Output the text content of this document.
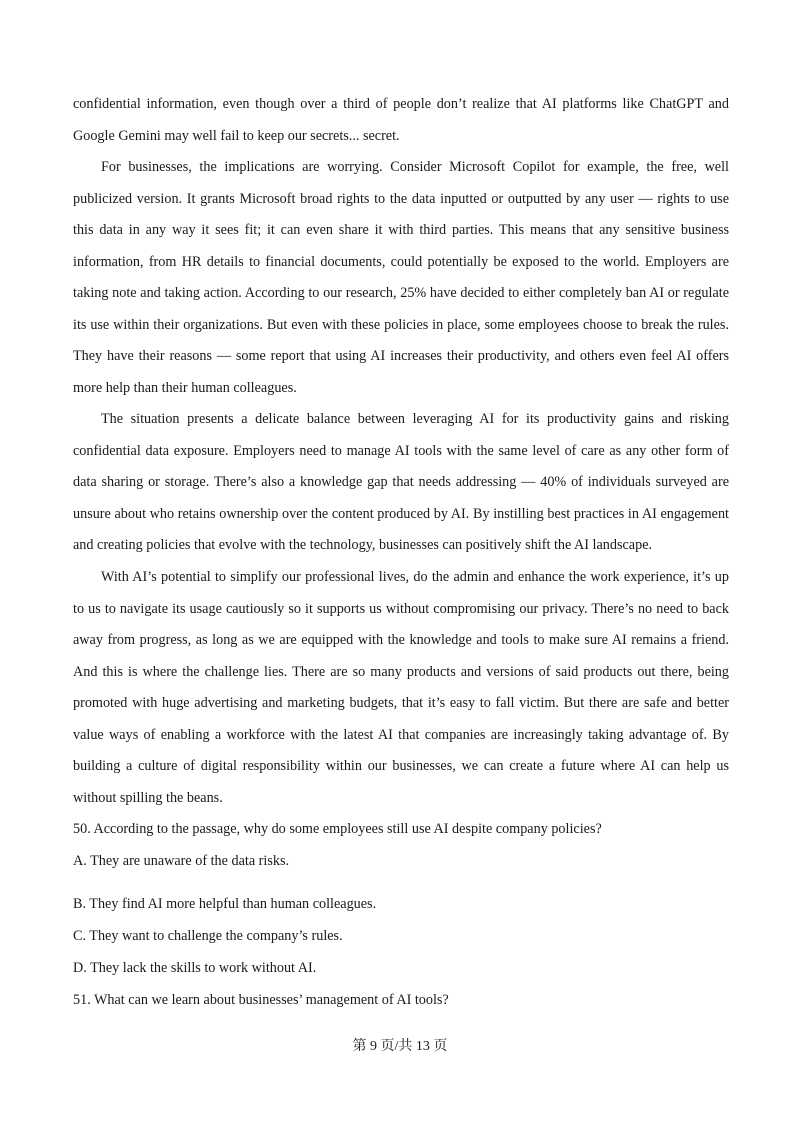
confidential information, even though over a third of people don’t realize that AI platforms like ChatGPT and Google Gemini may well fail to keep our secrets... secret.

For businesses, the implications are worrying. Consider Microsoft Copilot for example, the free, well publicized version. It grants Microsoft broad rights to the data inputted or outputted by any user — rights to use this data in any way it sees fit; it can even share it with third parties. This means that any sensitive business information, from HR details to financial documents, could potentially be exposed to the world. Employers are taking note and taking action. According to our research, 25% have decided to either completely ban AI or regulate its use within their organizations. But even with these policies in place, some employees choose to break the rules. They have their reasons — some report that using AI increases their productivity, and others even feel AI offers more help than their human colleagues.

The situation presents a delicate balance between leveraging AI for its productivity gains and risking confidential data exposure. Employers need to manage AI tools with the same level of care as any other form of data sharing or storage. There’s also a knowledge gap that needs addressing — 40% of individuals surveyed are unsure about who retains ownership over the content produced by AI. By instilling best practices in AI engagement and creating policies that evolve with the technology, businesses can positively shift the AI landscape.

With AI’s potential to simplify our professional lives, do the admin and enhance the work experience, it’s up to us to navigate its usage cautiously so it supports us without compromising our privacy. There’s no need to back away from progress, as long as we are equipped with the knowledge and tools to make sure AI remains a friend. And this is where the challenge lies. There are so many products and versions of said products out there, being promoted with huge advertising and marketing budgets, that it’s easy to fall victim. But there are safe and better value ways of enabling a workforce with the latest AI that companies are increasingly taking advantage of. By building a culture of digital responsibility within our businesses, we can create a future where AI can help us without spilling the beans.

50. According to the passage, why do some employees still use AI despite company policies?

A. They are unaware of the data risks.

B. They find AI more helpful than human colleagues.

C. They want to challenge the company’s rules.

D. They lack the skills to work without AI.

51. What can we learn about businesses’ management of AI tools?

第 9 页/共 13 页
